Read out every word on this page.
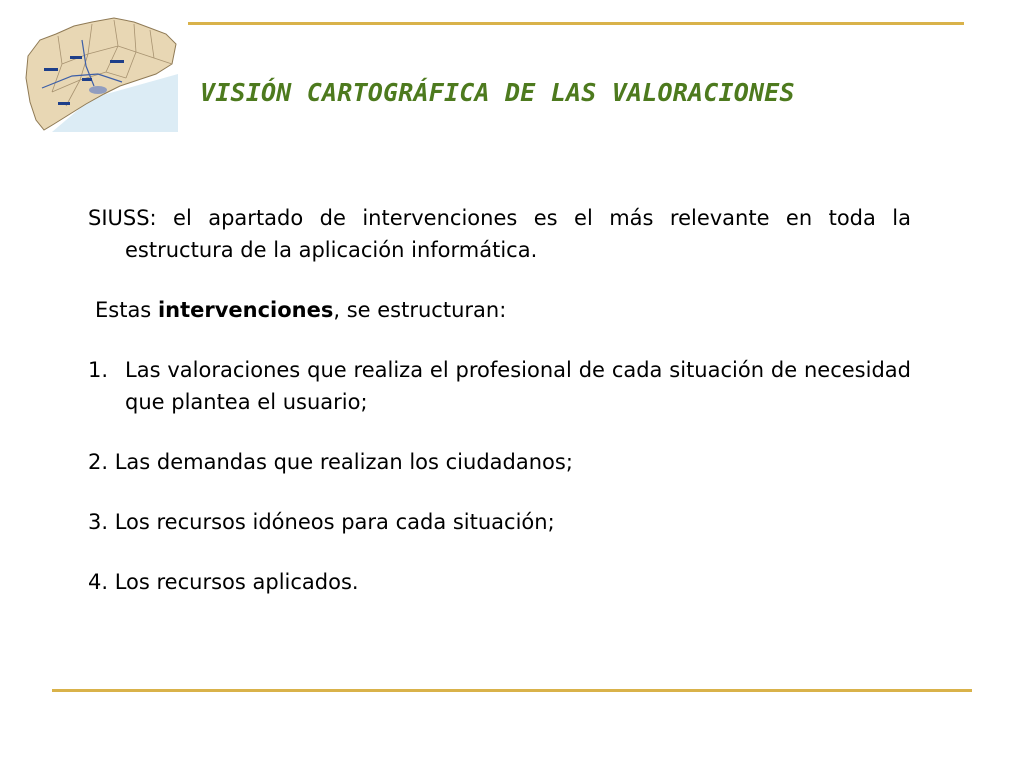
VISIÓN CARTOGRÁFICA DE LAS VALORACIONES

SIUSS: el apartado de intervenciones es el más relevante en toda la estructura de la aplicación informática.

Estas intervenciones, se estructuran:

1. Las valoraciones que realiza el profesional de cada situación de necesidad que plantea el usuario;

2. Las demandas que realizan los ciudadanos;

3. Los recursos idóneos para cada situación;

4. Los recursos aplicados.
